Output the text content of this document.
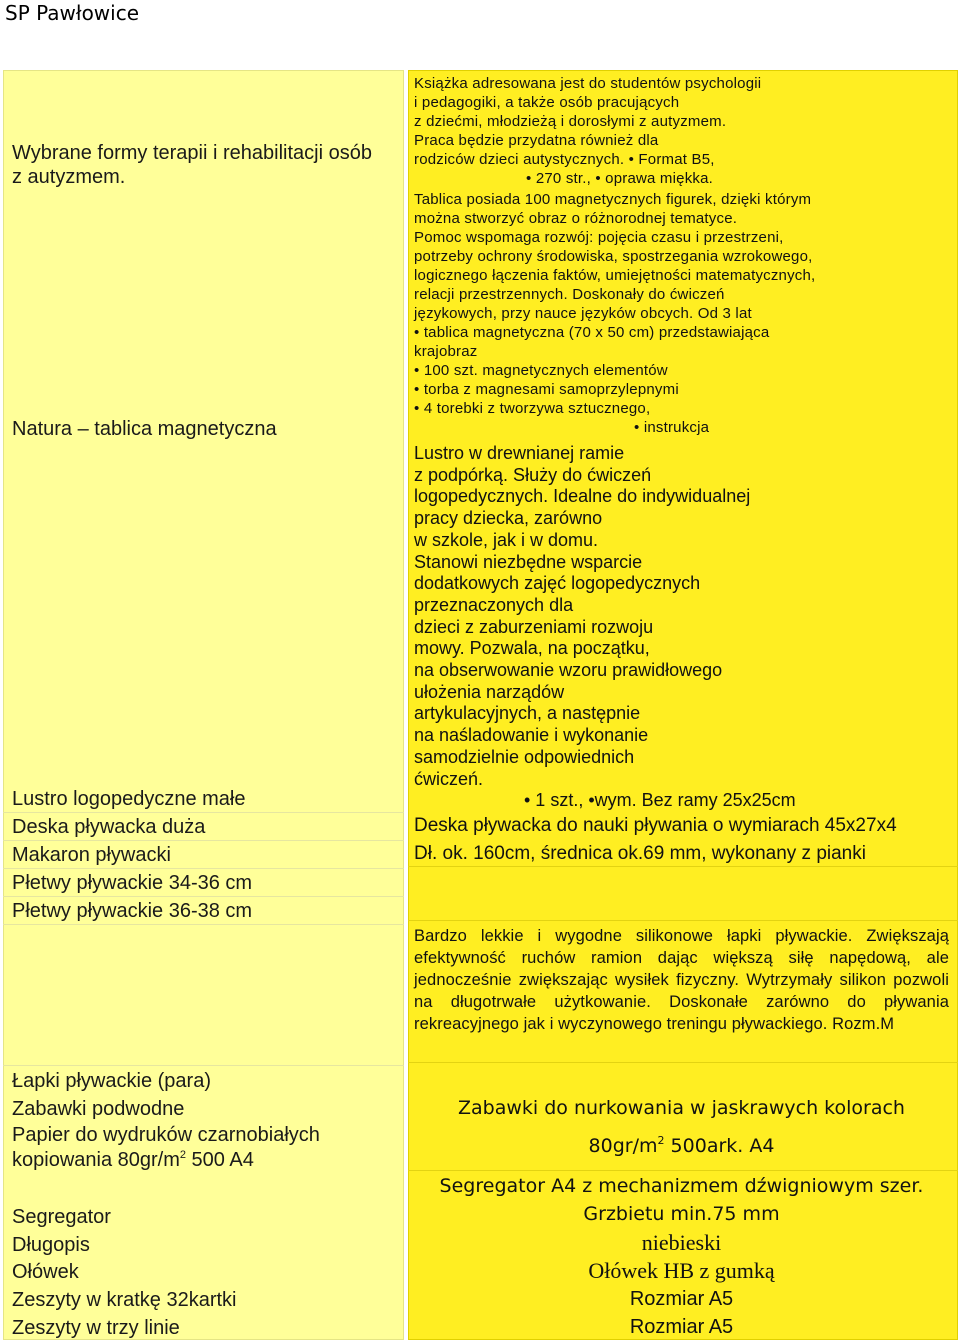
SP Pawłowice
Wybrane formy terapii i rehabilitacji osób
z autyzmem.
Natura – tablica magnetyczna
Lustro logopedyczne małe
Deska pływacka duża
Makaron pływacki
Płetwy pływackie 34-36 cm
Płetwy pływackie 36-38 cm
Łapki pływackie (para)
Zabawki podwodne
Papier do wydruków czarnobiałych
kopiowania $80gr/m^2$ 500 A4
Segregator
Długopis
Ołówek
Zeszyty w kratkę 32kartki
Zeszyty w trzy linie
Książka adresowana jest do studentów psychologii
i pedagogiki, a także osób pracujących
z dziećmi, młodzieżą i dorosłymi z autyzmem.
Praca będzie przydatna również dla
rodziców dzieci autystycznych. • Format B5,
• 270 str., • oprawa miękka.
Tablica posiada 100 magnetycznych figurek, dzięki którym
można stworzyć obraz o różnorodnej tematyce.
Pomoc wspomaga rozwój: pojęcia czasu i przestrzeni,
potrzeby ochrony środowiska, spostrzegania wzrokowego,
logicznego łączenia faktów, umiejętności matematycznych,
relacji przestrzennych. Doskonały do ćwiczeń
językowych, przy nauce języków obcych. Od 3 lat
• tablica magnetyczna (70 x 50 cm) przedstawiająca
krajobraz
• 100 szt. magnetycznych elementów
• torba z magnesami samoprzylepnymi
• 4 torebki z tworzywa sztucznego,
• instrukcja
Lustro w drewnianej ramie
z podpórką. Służy do ćwiczeń
logopedycznych. Idealne do indywidualnej
pracy dziecka, zarówno
w szkole, jak i w domu.
Stanowi niezbędne wsparcie
dodatkowych zajęć logopedycznych
przeznaczonych dla
dzieci z zaburzeniami rozwoju
mowy. Pozwala, na początku,
na obserwowanie wzoru prawidłowego
ułożenia narządów
artykulacyjnych, a następnie
na naśladowanie i wykonanie
samodzielnie odpowiednich
ćwiczeń.
• 1 szt., •wym. Bez ramy 25x25cm
Deska pływacka do nauki pływania o wymiarach 45x27x4
Dł. ok. 160cm, średnica ok.69 mm, wykonany z pianki
Bardzo lekkie i wygodne silikonowe łapki pływackie. Zwiększają efektywność ruchów ramion dając większą siłę napędową, ale jednocześnie zwiększając wysiłek fizyczny. Wytrzymały silikon pozwoli na długotrwałe użytkowanie. Doskonałe zarówno do pływania rekreacyjnego jak i wyczynowego treningu pływackiego. Rozm.M
Zabawki do nurkowania w jaskrawych kolorach
$80gr/m^2$ 500ark. A4
Segregator A4 z mechanizmem dźwigniowym szer.
Grzbietu min.75 mm
niebieski
Ołówek HB z gumką
Rozmiar A5
Rozmiar A5
